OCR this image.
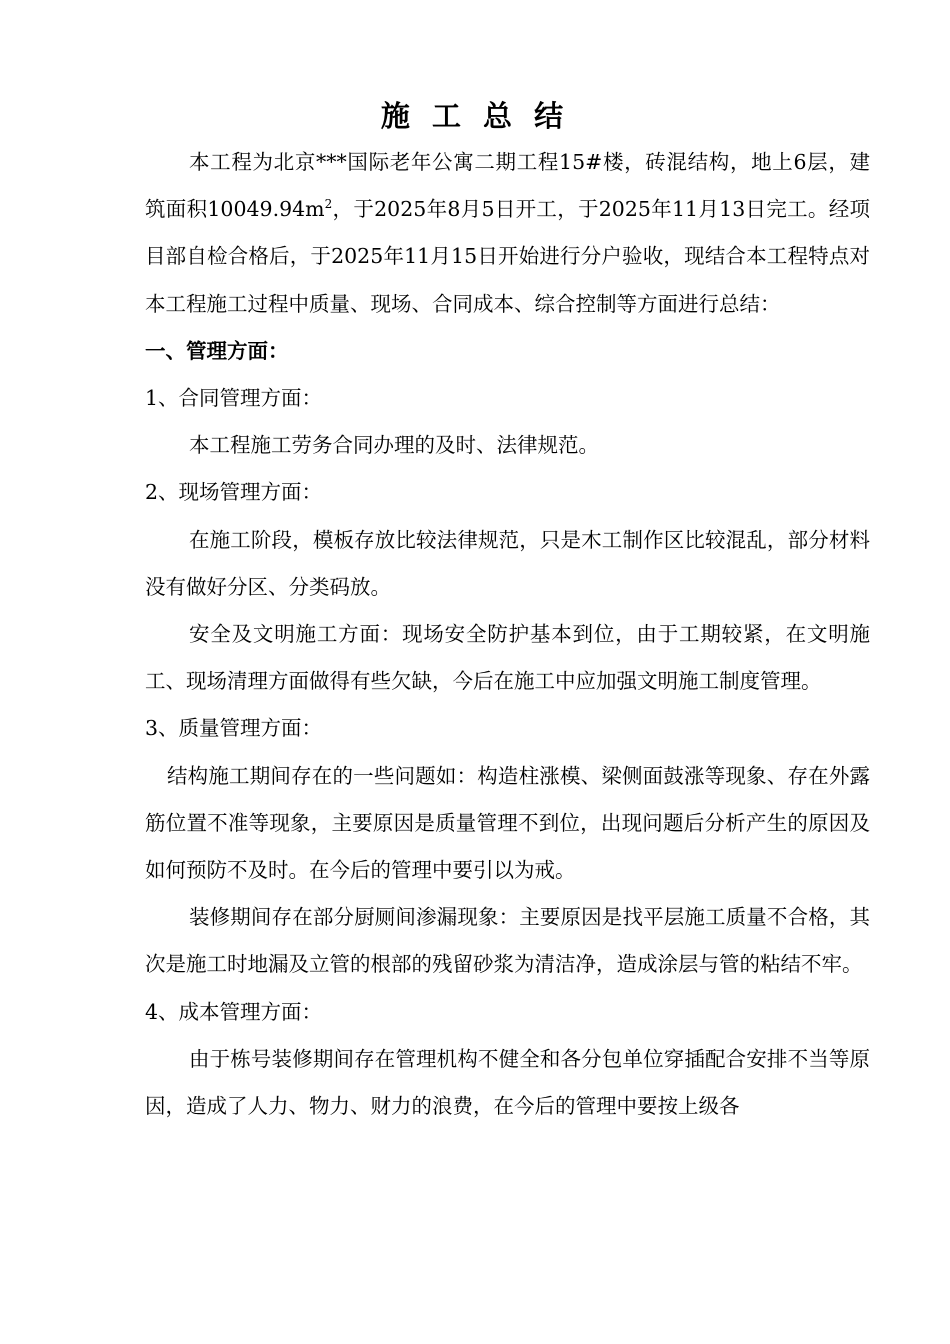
施 工 总 结

本工程为北京***国际老年公寓二期工程15#楼，砖混结构，地上6层，建筑面积$10049.94m^2$，于2025年8月5日开工，于2025年11月13日完工。经项目部自检合格后，于2025年11月15日开始进行分户验收，现结合本工程特点对本工程施工过程中质量、现场、合同成本、综合控制等方面进行总结：

一、管理方面：

1、合同管理方面：

本工程施工劳务合同办理的及时、法律规范。

2、现场管理方面：

在施工阶段，模板存放比较法律规范，只是木工制作区比较混乱，部分材料没有做好分区、分类码放。

安全及文明施工方面：现场安全防护基本到位，由于工期较紧，在文明施工、现场清理方面做得有些欠缺，今后在施工中应加强文明施工制度管理。

3、质量管理方面：

结构施工期间存在的一些问题如：构造柱涨模、梁侧面鼓涨等现象、存在外露筋位置不准等现象，主要原因是质量管理不到位，出现问题后分析产生的原因及如何预防不及时。在今后的管理中要引以为戒。

装修期间存在部分厨厕间渗漏现象：主要原因是找平层施工质量不合格，其次是施工时地漏及立管的根部的残留砂浆为清洁净，造成涂层与管的粘结不牢。

4、成本管理方面：

由于栋号装修期间存在管理机构不健全和各分包单位穿插配合安排不当等原因，造成了人力、物力、财力的浪费，在今后的管理中要按上级各
